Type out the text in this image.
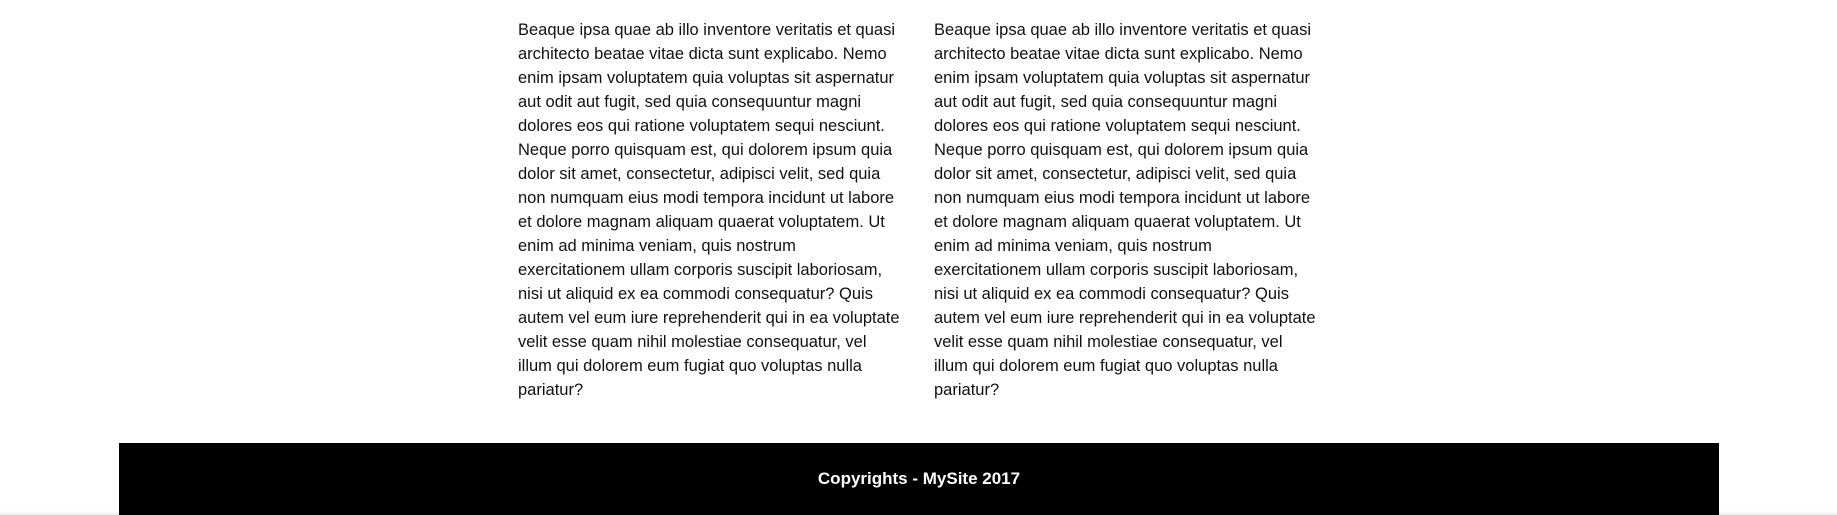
Beaque ipsa quae ab illo inventore veritatis et quasi architecto beatae vitae dicta sunt explicabo. Nemo enim ipsam voluptatem quia voluptas sit aspernatur aut odit aut fugit, sed quia consequuntur magni dolores eos qui ratione voluptatem sequi nesciunt. Neque porro quisquam est, qui dolorem ipsum quia dolor sit amet, consectetur, adipisci velit, sed quia non numquam eius modi tempora incidunt ut labore et dolore magnam aliquam quaerat voluptatem. Ut enim ad minima veniam, quis nostrum exercitationem ullam corporis suscipit laboriosam, nisi ut aliquid ex ea commodi consequatur? Quis autem vel eum iure reprehenderit qui in ea voluptate velit esse quam nihil molestiae consequatur, vel illum qui dolorem eum fugiat quo voluptas nulla pariatur?

Beaque ipsa quae ab illo inventore veritatis et quasi architecto beatae vitae dicta sunt explicabo. Nemo enim ipsam voluptatem quia voluptas sit aspernatur aut odit aut fugit, sed quia consequuntur magni dolores eos qui ratione voluptatem sequi nesciunt. Neque porro quisquam est, qui dolorem ipsum quia dolor sit amet, consectetur, adipisci velit, sed quia non numquam eius modi tempora incidunt ut labore et dolore magnam aliquam quaerat voluptatem. Ut enim ad minima veniam, quis nostrum exercitationem ullam corporis suscipit laboriosam, nisi ut aliquid ex ea commodi consequatur? Quis autem vel eum iure reprehenderit qui in ea voluptate velit esse quam nihil molestiae consequatur, vel illum qui dolorem eum fugiat quo voluptas nulla pariatur?

Copyrights - MySite 2017
